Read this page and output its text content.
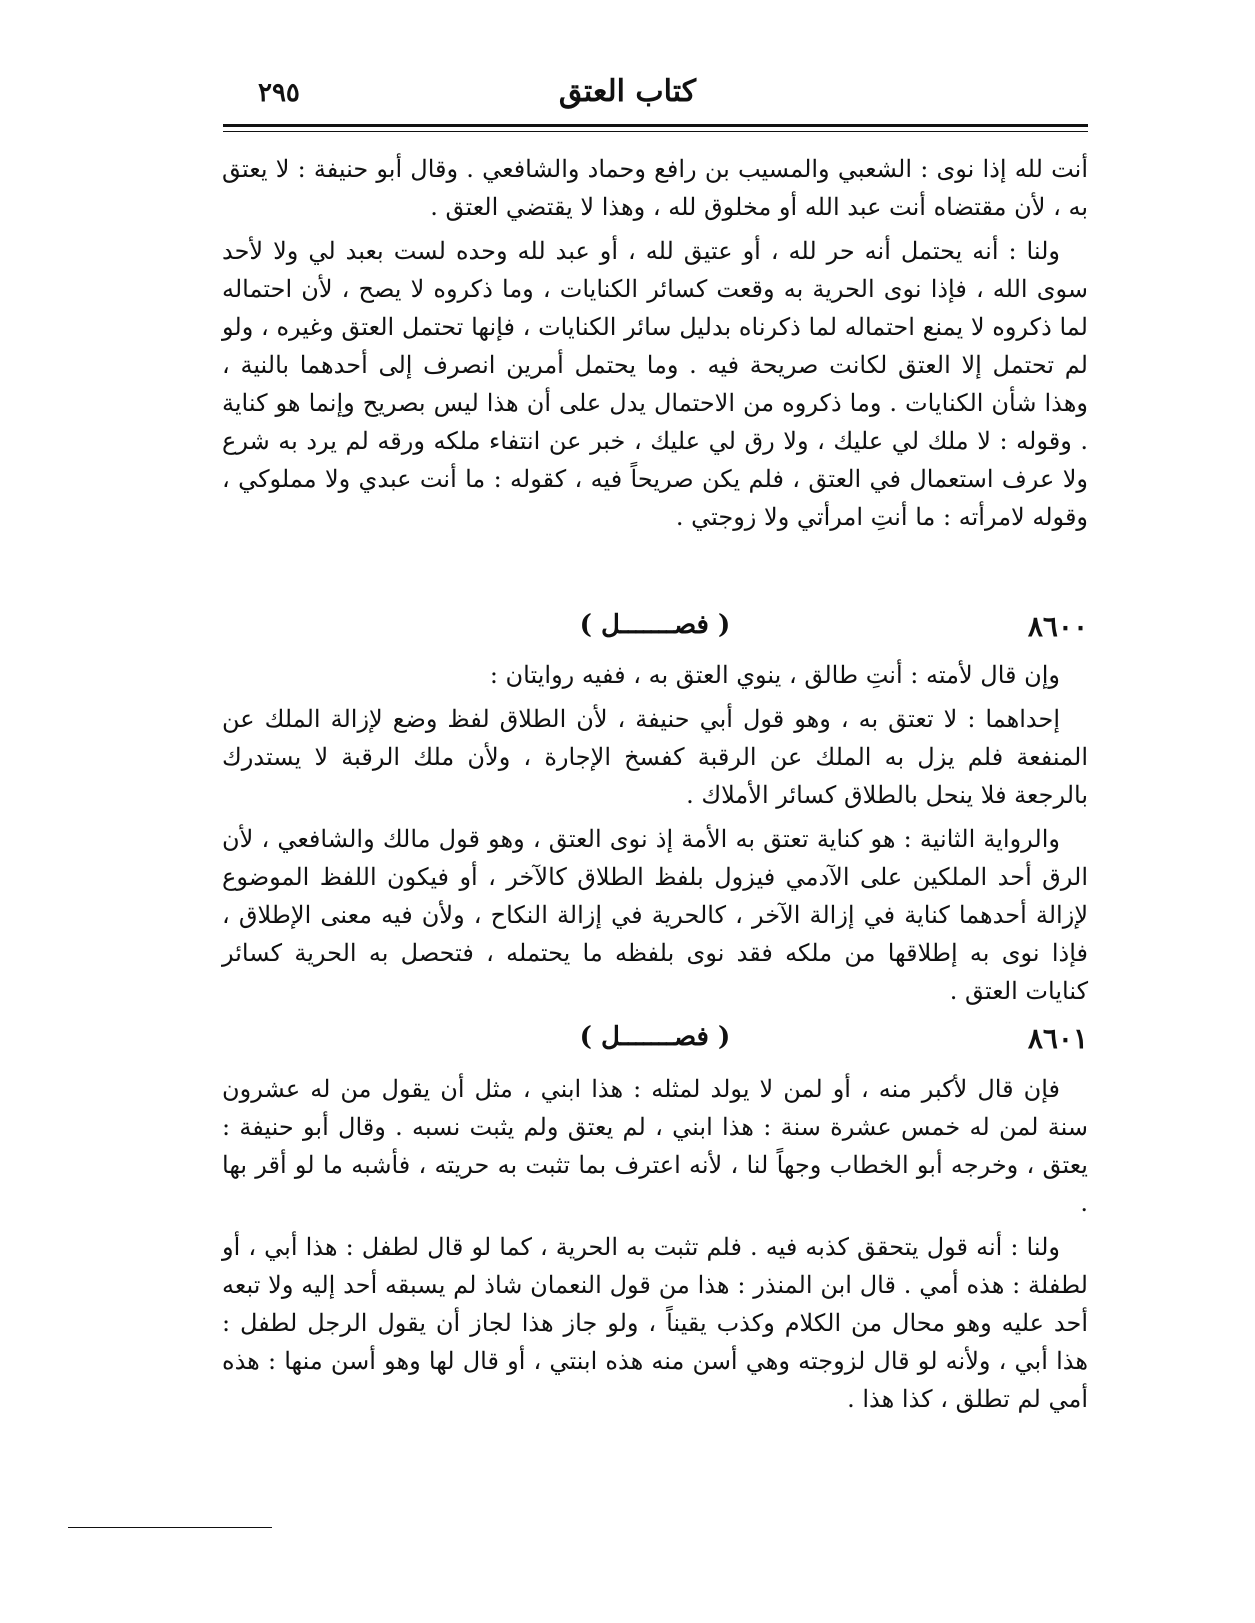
كتاب العتق
٢٩٥

أنت لله إذا نوى : الشعبي والمسيب بن رافع وحماد والشافعي . وقال أبو حنيفة : لا يعتق به ، لأن مقتضاه أنت عبد الله أو مخلوق لله ، وهذا لا يقتضي العتق .

ولنا : أنه يحتمل أنه حر لله ، أو عتيق لله ، أو عبد لله وحده لست بعبد لي ولا لأحد سوى الله ، فإذا نوى الحرية به وقعت كسائر الكنايات ، وما ذكروه لا يصح ، لأن احتماله لما ذكروه لا يمنع احتماله لما ذكرناه بدليل سائر الكنايات ، فإنها تحتمل العتق وغيره ، ولو لم تحتمل إلا العتق لكانت صريحة فيه . وما يحتمل أمرين انصرف إلى أحدهما بالنية ، وهذا شأن الكنايات . وما ذكروه من الاحتمال يدل على أن هذا ليس بصريح وإنما هو كناية . وقوله : لا ملك لي عليك ، ولا رق لي عليك ، خبر عن انتفاء ملكه ورقه لم يرد به شرع ولا عرف استعمال في العتق ، فلم يكن صريحاً فيه ، كقوله : ما أنت عبدي ولا مملوكي ، وقوله لامرأته : ما أنتِ امرأتي ولا زوجتي .

٨٦٠٠
( فصـــــــل )

وإن قال لأمته : أنتِ طالق ، ينوي العتق به ، ففيه روايتان :

إحداهما : لا تعتق به ، وهو قول أبي حنيفة ، لأن الطلاق لفظ وضع لإزالة الملك عن المنفعة فلم يزل به الملك عن الرقبة كفسخ الإجارة ، ولأن ملك الرقبة لا يستدرك بالرجعة فلا ينحل بالطلاق كسائر الأملاك .

والرواية الثانية : هو كناية تعتق به الأمة إذ نوى العتق ، وهو قول مالك والشافعي ، لأن الرق أحد الملكين على الآدمي فيزول بلفظ الطلاق كالآخر ، أو فيكون اللفظ الموضوع لإزالة أحدهما كناية في إزالة الآخر ، كالحرية في إزالة النكاح ، ولأن فيه معنى الإطلاق ، فإذا نوى به إطلاقها من ملكه فقد نوى بلفظه ما يحتمله ، فتحصل به الحرية كسائر كنايات العتق .

٨٦٠١
( فصـــــــل )

فإن قال لأكبر منه ، أو لمن لا يولد لمثله : هذا ابني ، مثل أن يقول من له عشرون سنة لمن له خمس عشرة سنة : هذا ابني ، لم يعتق ولم يثبت نسبه . وقال أبو حنيفة : يعتق ، وخرجه أبو الخطاب وجهاً لنا ، لأنه اعترف بما تثبت به حريته ، فأشبه ما لو أقر بها .

ولنا : أنه قول يتحقق كذبه فيه . فلم تثبت به الحرية ، كما لو قال لطفل : هذا أبي ، أو لطفلة : هذه أمي . قال ابن المنذر : هذا من قول النعمان شاذ لم يسبقه أحد إليه ولا تبعه أحد عليه وهو محال من الكلام وكذب يقيناً ، ولو جاز هذا لجاز أن يقول الرجل لطفل : هذا أبي ، ولأنه لو قال لزوجته وهي أسن منه هذه ابنتي ، أو قال لها وهو أسن منها : هذه أمي لم تطلق ، كذا هذا .
